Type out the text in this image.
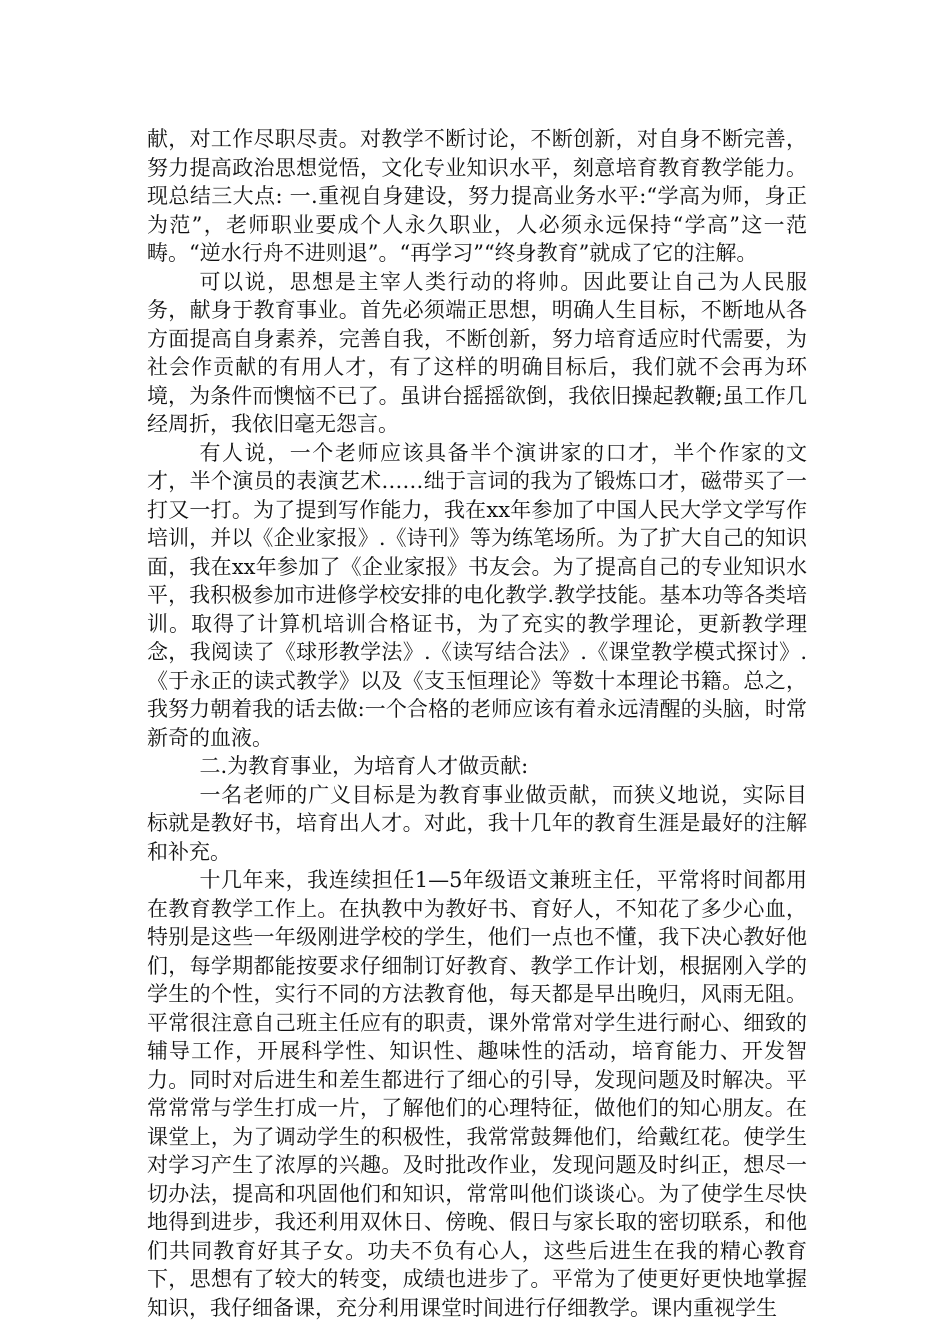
献，对工作尽职尽责。对教学不断讨论，不断创新，对自身不断完善，努力提高政治思想觉悟，文化专业知识水平，刻意培育教育教学能力。现总结三大点: 一.重视自身建设，努力提高业务水平:“学高为师，身正为范”，老师职业要成个人永久职业，人必须永远保持“学高”这一范畴。“逆水行舟不进则退”。“再学习”“终身教育”就成了它的注解。

可以说，思想是主宰人类行动的将帅。因此要让自己为人民服务，献身于教育事业。首先必须端正思想，明确人生目标，不断地从各方面提高自身素养，完善自我，不断创新，努力培育适应时代需要，为社会作贡献的有用人才，有了这样的明确目标后，我们就不会再为环境，为条件而懊恼不已了。虽讲台摇摇欲倒，我依旧操起教鞭;虽工作几经周折，我依旧毫无怨言。

有人说，一个老师应该具备半个演讲家的口才，半个作家的文才，半个演员的表演艺术……绌于言词的我为了锻炼口才，磁带买了一打又一打。为了提到写作能力，我在xx年参加了中国人民大学文学写作培训，并以《企业家报》.《诗刊》等为练笔场所。为了扩大自己的知识面，我在xx年参加了《企业家报》书友会。为了提高自己的专业知识水平，我积极参加市进修学校安排的电化教学.教学技能。基本功等各类培训。取得了计算机培训合格证书，为了充实的教学理论，更新教学理念，我阅读了《球形教学法》.《读写结合法》.《课堂教学模式探讨》.《于永正的读式教学》以及《支玉恒理论》等数十本理论书籍。总之，我努力朝着我的话去做:一个合格的老师应该有着永远清醒的头脑，时常新奇的血液。

二.为教育事业，为培育人才做贡献:

一名老师的广义目标是为教育事业做贡献，而狭义地说，实际目标就是教好书，培育出人才。对此，我十几年的教育生涯是最好的注解和补充。

十几年来，我连续担任1—5年级语文兼班主任，平常将时间都用在教育教学工作上。在执教中为教好书、育好人，不知花了多少心血，特别是这些一年级刚进学校的学生，他们一点也不懂，我下决心教好他们，每学期都能按要求仔细制订好教育、教学工作计划，根据刚入学的学生的个性，实行不同的方法教育他，每天都是早出晚归，风雨无阻。平常很注意自己班主任应有的职责，课外常常对学生进行耐心、细致的辅导工作，开展科学性、知识性、趣味性的活动，培育能力、开发智力。同时对后进生和差生都进行了细心的引导，发现问题及时解决。平常常常与学生打成一片，了解他们的心理特征，做他们的知心朋友。在课堂上，为了调动学生的积极性，我常常鼓舞他们，给戴红花。使学生对学习产生了浓厚的兴趣。及时批改作业，发现问题及时纠正，想尽一切办法，提高和巩固他们和知识，常常叫他们谈谈心。为了使学生尽快地得到进步，我还利用双休日、傍晚、假日与家长取的密切联系，和他们共同教育好其子女。功夫不负有心人，这些后进生在我的精心教育下，思想有了较大的转变，成绩也进步了。平常为了使更好更快地掌握知识，我仔细备课，充分利用课堂时间进行仔细教学。课内重视学生
